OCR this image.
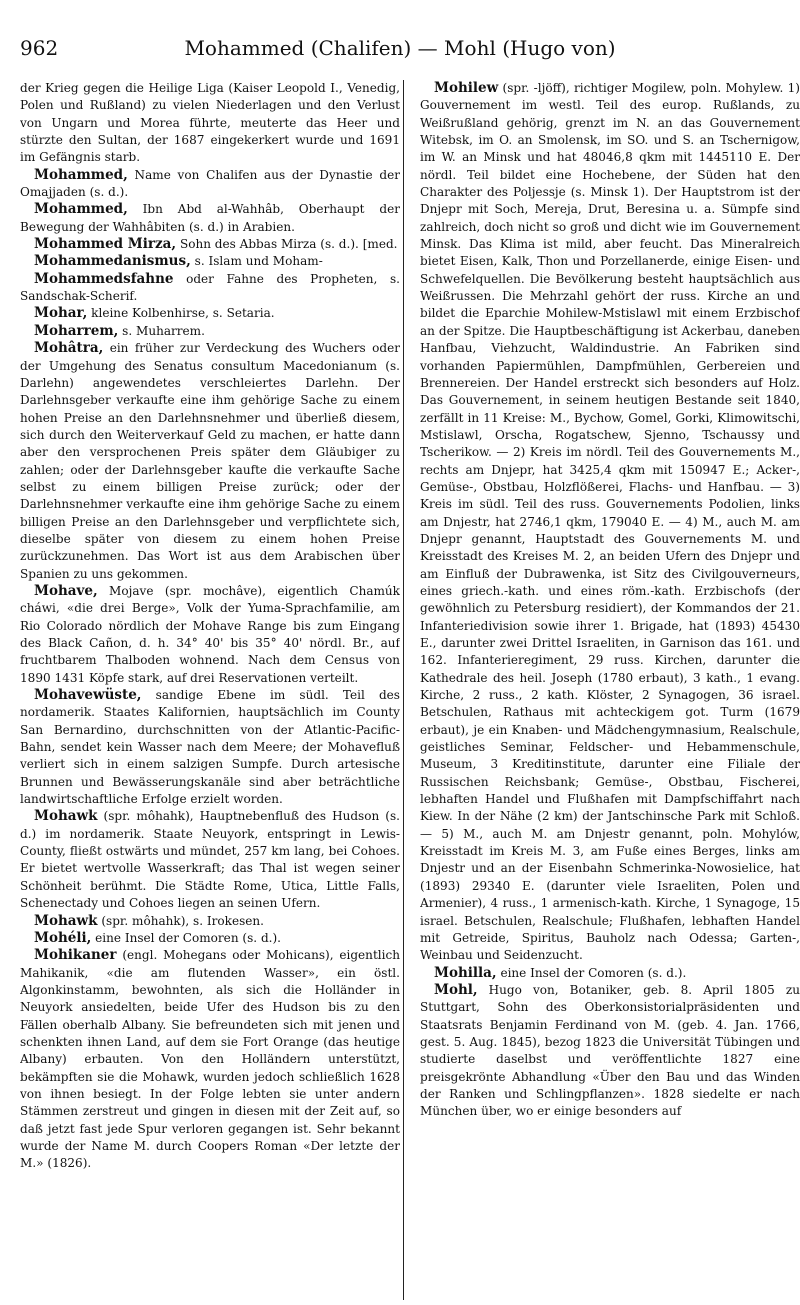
962	Mohammed (Chalifen) — Mohl (Hugo von)

der Krieg gegen die Heilige Liga (Kaiser Leopold I., Venedig, Polen und Rußland) zu vielen Niederlagen und den Verlust von Ungarn und Morea führte, meuterte das Heer und stürzte den Sultan, der 1687 eingekerkert wurde und 1691 im Gefängnis starb.

Mohammed, Name von Chalifen aus der Dynastie der Omajjaden (s. d.).

Mohammed, Ibn Abd al-Wahhâb, Oberhaupt der Bewegung der Wahhâbiten (s. d.) in Arabien.

Mohammed Mirza, Sohn des Abbas Mirza (s. d.). [med.

Mohammedanismus, s. Islam und Moham-

Mohammedsfahne oder Fahne des Propheten, s. Sandschak-Scherif.

Mohar, kleine Kolbenhirse, s. Setaria.

Moharrem, s. Muharrem.

Mohâtra, ein früher zur Verdeckung des Wuchers oder der Umgehung des Senatus consultum Macedonianum (s. Darlehn) angewendetes verschleiertes Darlehn. Der Darlehnsgeber verkaufte eine ihm gehörige Sache zu einem hohen Preise an den Darlehnsnehmer und überließ diesem, sich durch den Weiterverkauf Geld zu machen, er hatte dann aber den versprochenen Preis später dem Gläubiger zu zahlen; oder der Darlehnsgeber kaufte die verkaufte Sache selbst zu einem billigen Preise zurück; oder der Darlehnsnehmer verkaufte eine ihm gehörige Sache zu einem billigen Preise an den Darlehnsgeber und verpflichtete sich, dieselbe später von diesem zu einem hohen Preise zurückzunehmen. Das Wort ist aus dem Arabischen über Spanien zu uns gekommen.

Mohave, Mojave (spr. mochâve), eigentlich Chamúk cháwi, «die drei Berge», Volk der Yuma-Sprachfamilie, am Rio Colorado nördlich der Mohave Range bis zum Eingang des Black Cañon, d. h. 34° 40' bis 35° 40' nördl. Br., auf fruchtbarem Thalboden wohnend. Nach dem Census von 1890 1431 Köpfe stark, auf drei Reservationen verteilt.

Mohavewüste, sandige Ebene im südl. Teil des nordamerik. Staates Kalifornien, hauptsächlich im County San Bernardino, durchschnitten von der Atlantic-Pacific-Bahn, sendet kein Wasser nach dem Meere; der Mohavefluß verliert sich in einem salzigen Sumpfe. Durch artesische Brunnen und Bewässerungskanäle sind aber beträchtliche landwirtschaftliche Erfolge erzielt worden.

Mohawk (spr. môhahk), Hauptnebenfluß des Hudson (s. d.) im nordamerik. Staate Neuyork, entspringt in Lewis-County, fließt ostwärts und mündet, 257 km lang, bei Cohoes. Er bietet wertvolle Wasserkraft; das Thal ist wegen seiner Schönheit berühmt. Die Städte Rome, Utica, Little Falls, Schenectady und Cohoes liegen an seinen Ufern.

Mohawk (spr. môhahk), s. Irokesen.

Mohéli, eine Insel der Comoren (s. d.).

Mohikaner (engl. Mohegans oder Mohicans), eigentlich Mahikanik, «die am flutenden Wasser», ein östl. Algonkinstamm, bewohnten, als sich die Holländer in Neuyork ansiedelten, beide Ufer des Hudson bis zu den Fällen oberhalb Albany. Sie befreundeten sich mit jenen und schenkten ihnen Land, auf dem sie Fort Orange (das heutige Albany) erbauten. Von den Holländern unterstützt, bekämpften sie die Mohawk, wurden jedoch schließlich 1628 von ihnen besiegt. In der Folge lebten sie unter andern Stämmen zerstreut und gingen in diesen mit der Zeit auf, so daß jetzt fast jede Spur verloren gegangen ist. Sehr bekannt wurde der Name M. durch Coopers Roman «Der letzte der M.» (1826).

Mohilew (spr. -ljöff), richtiger Mogilew, poln. Mohylew. 1) Gouvernement im westl. Teil des europ. Rußlands, zu Weißrußland gehörig, grenzt im N. an das Gouvernement Witebsk, im O. an Smolensk, im SO. und S. an Tschernigow, im W. an Minsk und hat 48046,8 qkm mit 1445110 E. Der nördl. Teil bildet eine Hochebene, der Süden hat den Charakter des Poljessje (s. Minsk 1). Der Hauptstrom ist der Dnjepr mit Soch, Mereja, Drut, Beresina u. a. Sümpfe sind zahlreich, doch nicht so groß und dicht wie im Gouvernement Minsk. Das Klima ist mild, aber feucht. Das Mineralreich bietet Eisen, Kalk, Thon und Porzellanerde, einige Eisen- und Schwefelquellen. Die Bevölkerung besteht hauptsächlich aus Weißrussen. Die Mehrzahl gehört der russ. Kirche an und bildet die Eparchie Mohilew-Mstislawl mit einem Erzbischof an der Spitze. Die Hauptbeschäftigung ist Ackerbau, daneben Hanfbau, Viehzucht, Waldindustrie. An Fabriken sind vorhanden Papiermühlen, Dampfmühlen, Gerbereien und Brennereien. Der Handel erstreckt sich besonders auf Holz. Das Gouvernement, in seinem heutigen Bestande seit 1840, zerfällt in 11 Kreise: M., Bychow, Gomel, Gorki, Klimowitschi, Mstislawl, Orscha, Rogatschew, Sjenno, Tschaussy und Tscherikow. — 2) Kreis im nördl. Teil des Gouvernements M., rechts am Dnjepr, hat 3425,4 qkm mit 150947 E.; Acker-, Gemüse-, Obstbau, Holzflößerei, Flachs- und Hanfbau. — 3) Kreis im südl. Teil des russ. Gouvernements Podolien, links am Dnjestr, hat 2746,1 qkm, 179040 E. — 4) M., auch M. am Dnjepr genannt, Hauptstadt des Gouvernements M. und Kreisstadt des Kreises M. 2, an beiden Ufern des Dnjepr und am Einfluß der Dubrawenka, ist Sitz des Civilgouverneurs, eines griech.-kath. und eines röm.-kath. Erzbischofs (der gewöhnlich zu Petersburg residiert), der Kommandos der 21. Infanteriedivision sowie ihrer 1. Brigade, hat (1893) 45430 E., darunter zwei Drittel Israeliten, in Garnison das 161. und 162. Infanterieregiment, 29 russ. Kirchen, darunter die Kathedrale des heil. Joseph (1780 erbaut), 3 kath., 1 evang. Kirche, 2 russ., 2 kath. Klöster, 2 Synagogen, 36 israel. Betschulen, Rathaus mit achteckigem got. Turm (1679 erbaut), je ein Knaben- und Mädchengymnasium, Realschule, geistliches Seminar, Feldscher- und Hebammenschule, Museum, 3 Kreditinstitute, darunter eine Filiale der Russischen Reichsbank; Gemüse-, Obstbau, Fischerei, lebhaften Handel und Flußhafen mit Dampfschiffahrt nach Kiew. In der Nähe (2 km) der Jantschinsche Park mit Schloß. — 5) M., auch M. am Dnjestr genannt, poln. Mohylów, Kreisstadt im Kreis M. 3, am Fuße eines Berges, links am Dnjestr und an der Eisenbahn Schmerinka-Nowosielice, hat (1893) 29340 E. (darunter viele Israeliten, Polen und Armenier), 4 russ., 1 armenisch-kath. Kirche, 1 Synagoge, 15 israel. Betschulen, Realschule; Flußhafen, lebhaften Handel mit Getreide, Spiritus, Bauholz nach Odessa; Garten-, Weinbau und Seidenzucht.

Mohilla, eine Insel der Comoren (s. d.).

Mohl, Hugo von, Botaniker, geb. 8. April 1805 zu Stuttgart, Sohn des Oberkonsistorialpräsidenten und Staatsrats Benjamin Ferdinand von M. (geb. 4. Jan. 1766, gest. 5. Aug. 1845), bezog 1823 die Universität Tübingen und studierte daselbst und veröffentlichte 1827 eine preisgekrönte Abhandlung «Über den Bau und das Winden der Ranken und Schlingpflanzen». 1828 siedelte er nach München über, wo er einige besonders auf
